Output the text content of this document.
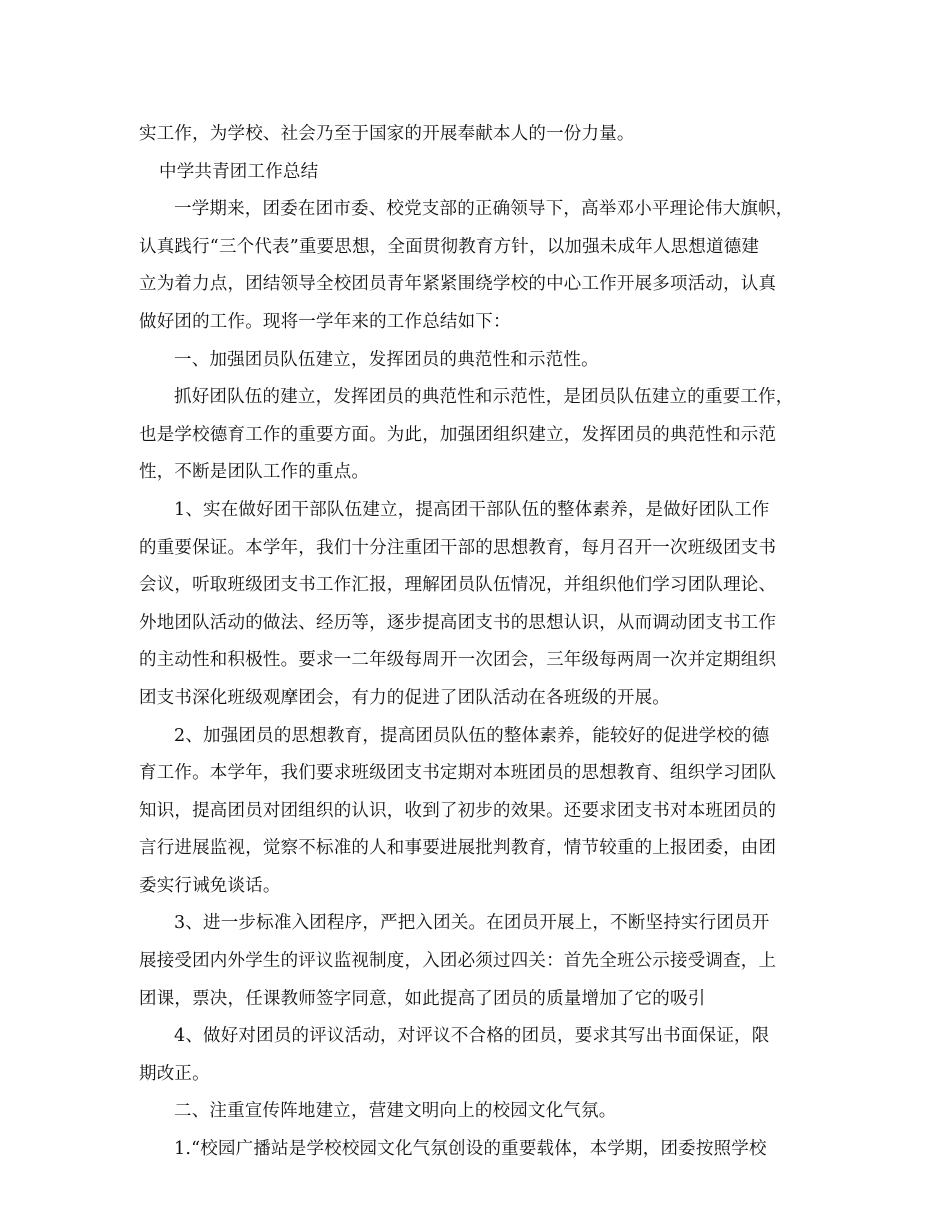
实工作，为学校、社会乃至于国家的开展奉献本人的一份力量。
中学共青团工作总结
一学期来，团委在团市委、校党支部的正确领导下，高举邓小平理论伟大旗帜，
认真践行“三个代表”重要思想，全面贯彻教育方针，以加强未成年人思想道德建
立为着力点，团结领导全校团员青年紧紧围绕学校的中心工作开展多项活动，认真
做好团的工作。现将一学年来的工作总结如下：
一、加强团员队伍建立，发挥团员的典范性和示范性。
抓好团队伍的建立，发挥团员的典范性和示范性，是团员队伍建立的重要工作，
也是学校德育工作的重要方面。为此，加强团组织建立，发挥团员的典范性和示范
性，不断是团队工作的重点。
1、实在做好团干部队伍建立，提高团干部队伍的整体素养，是做好团队工作
的重要保证。本学年，我们十分注重团干部的思想教育，每月召开一次班级团支书
会议，听取班级团支书工作汇报，理解团员队伍情况，并组织他们学习团队理论、
外地团队活动的做法、经历等，逐步提高团支书的思想认识，从而调动团支书工作
的主动性和积极性。要求一二年级每周开一次团会，三年级每两周一次并定期组织
团支书深化班级观摩团会，有力的促进了团队活动在各班级的开展。
2、加强团员的思想教育，提高团员队伍的整体素养，能较好的促进学校的德
育工作。本学年，我们要求班级团支书定期对本班团员的思想教育、组织学习团队
知识，提高团员对团组织的认识，收到了初步的效果。还要求团支书对本班团员的
言行进展监视，觉察不标准的人和事要进展批判教育，情节较重的上报团委，由团
委实行诫免谈话。
3、进一步标准入团程序，严把入团关。在团员开展上，不断坚持实行团员开
展接受团内外学生的评议监视制度，入团必须过四关：首先全班公示接受调查，上
团课，票决，任课教师签字同意，如此提高了团员的质量增加了它的吸引
4、做好对团员的评议活动，对评议不合格的团员，要求其写出书面保证，限
期改正。
二、注重宣传阵地建立，营建文明向上的校园文化气氛。
1.“校园广播站是学校校园文化气氛创设的重要载体，本学期，团委按照学校
